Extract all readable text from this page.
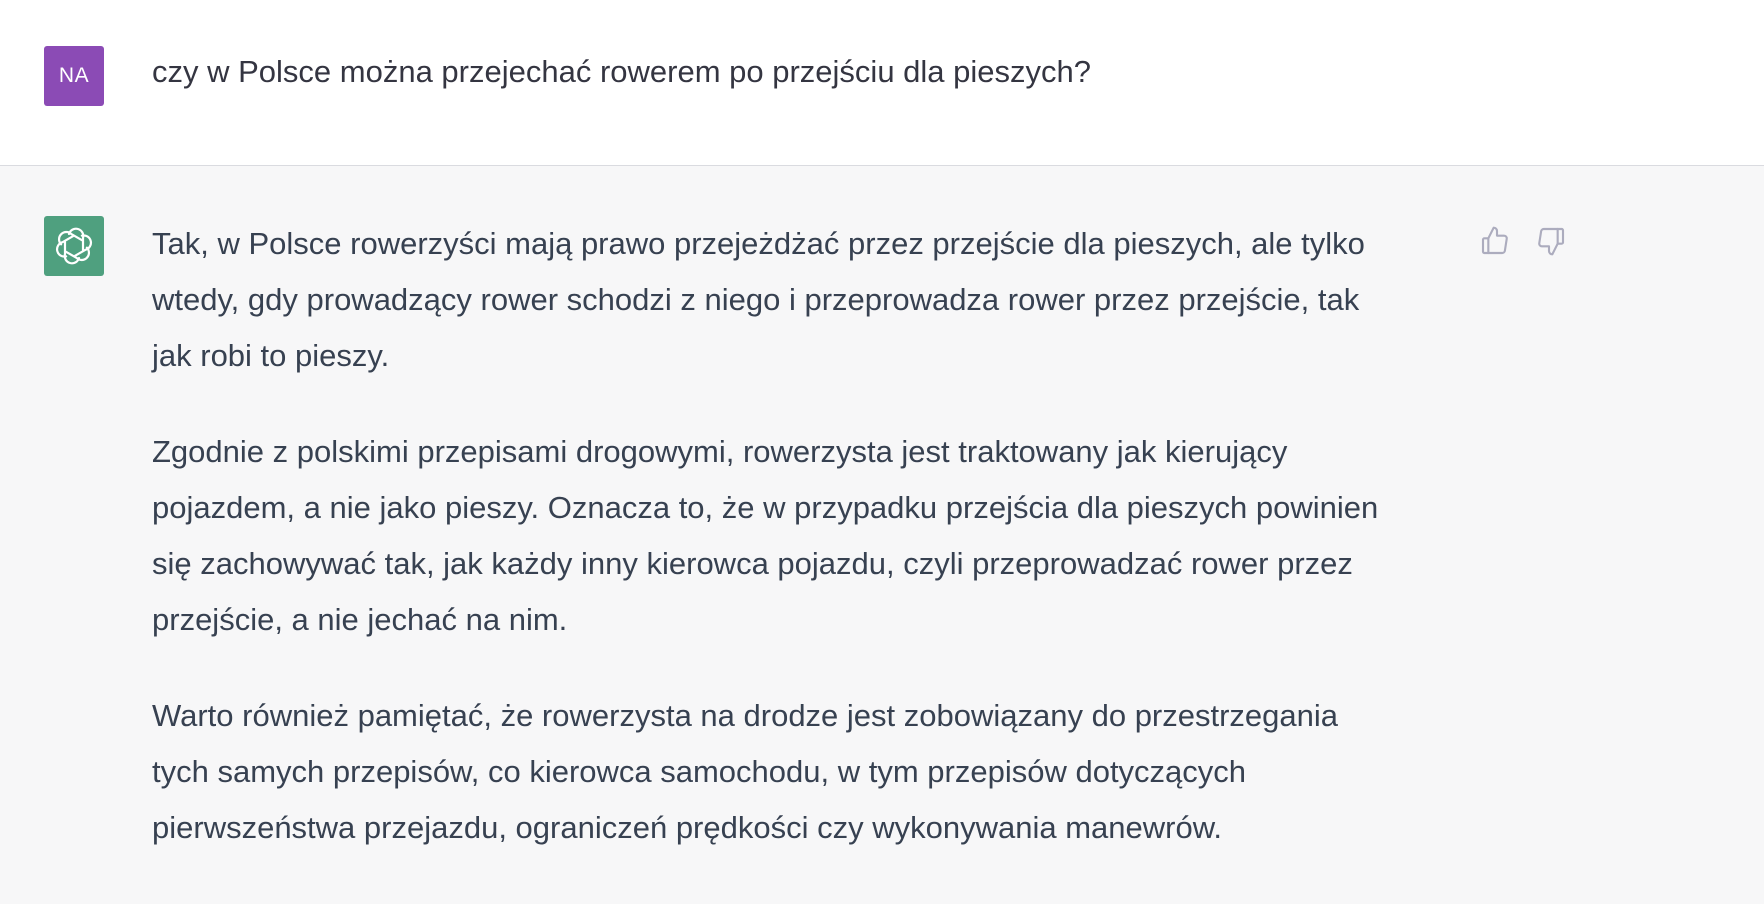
NA	czy w Polsce można przejechać rowerem po przejściu dla pieszych?

Tak, w Polsce rowerzyści mają prawo przejeżdżać przez przejście dla pieszych, ale tylko
wtedy, gdy prowadzący rower schodzi z niego i przeprowadza rower przez przejście, tak
jak robi to pieszy.

Zgodnie z polskimi przepisami drogowymi, rowerzysta jest traktowany jak kierujący
pojazdem, a nie jako pieszy. Oznacza to, że w przypadku przejścia dla pieszych powinien
się zachowywać tak, jak każdy inny kierowca pojazdu, czyli przeprowadzać rower przez
przejście, a nie jechać na nim.

Warto również pamiętać, że rowerzysta na drodze jest zobowiązany do przestrzegania
tych samych przepisów, co kierowca samochodu, w tym przepisów dotyczących
pierwszeństwa przejazdu, ograniczeń prędkości czy wykonywania manewrów.
